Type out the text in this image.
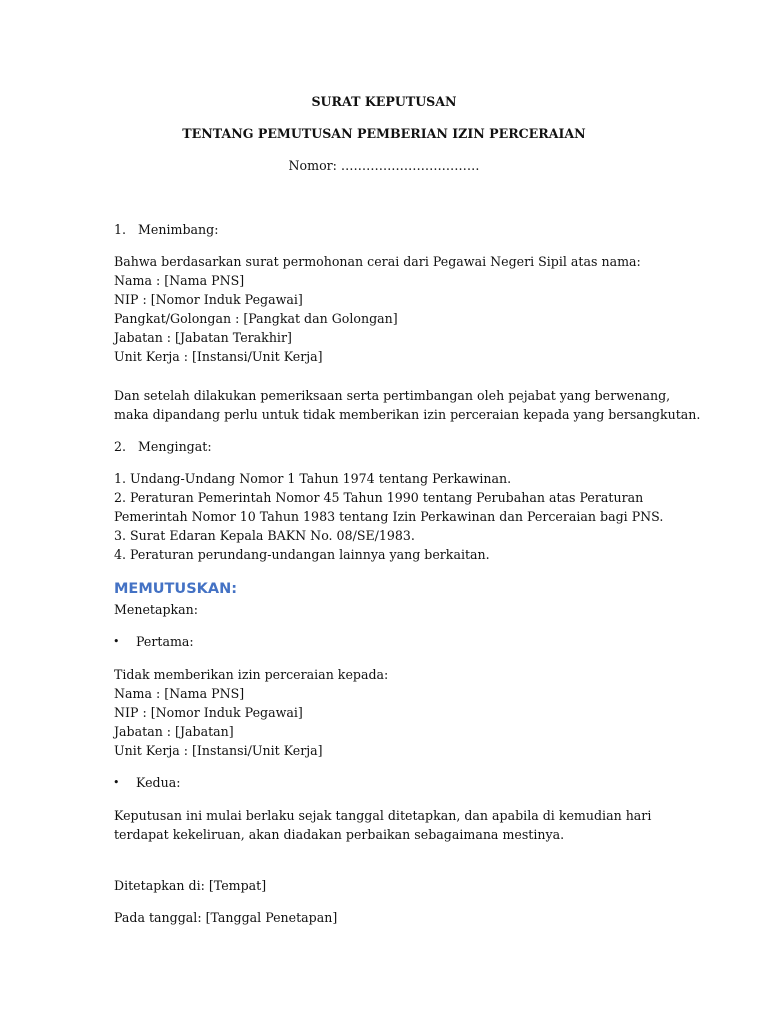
SURAT KEPUTUSAN
TENTANG PEMUTUSAN PEMBERIAN IZIN PERCERAIAN
Nomor: ……………………………
1.   Menimbang:
Bahwa berdasarkan surat permohonan cerai dari Pegawai Negeri Sipil atas nama:
Nama : [Nama PNS]
NIP : [Nomor Induk Pegawai]
Pangkat/Golongan : [Pangkat dan Golongan]
Jabatan : [Jabatan Terakhir]
Unit Kerja : [Instansi/Unit Kerja]
Dan setelah dilakukan pemeriksaan serta pertimbangan oleh pejabat yang berwenang,
maka dipandang perlu untuk tidak memberikan izin perceraian kepada yang bersangkutan.
2.   Mengingat:
1. Undang-Undang Nomor 1 Tahun 1974 tentang Perkawinan.
2. Peraturan Pemerintah Nomor 45 Tahun 1990 tentang Perubahan atas Peraturan
Pemerintah Nomor 10 Tahun 1983 tentang Izin Perkawinan dan Perceraian bagi PNS.
3. Surat Edaran Kepala BAKN No. 08/SE/1983.
4. Peraturan perundang-undangan lainnya yang berkaitan.
MEMUTUSKAN:
Menetapkan:
• Pertama:
Tidak memberikan izin perceraian kepada:
Nama : [Nama PNS]
NIP : [Nomor Induk Pegawai]
Jabatan : [Jabatan]
Unit Kerja : [Instansi/Unit Kerja]
• Kedua:
Keputusan ini mulai berlaku sejak tanggal ditetapkan, dan apabila di kemudian hari
terdapat kekeliruan, akan diadakan perbaikan sebagaimana mestinya.
Ditetapkan di: [Tempat]
Pada tanggal: [Tanggal Penetapan]
